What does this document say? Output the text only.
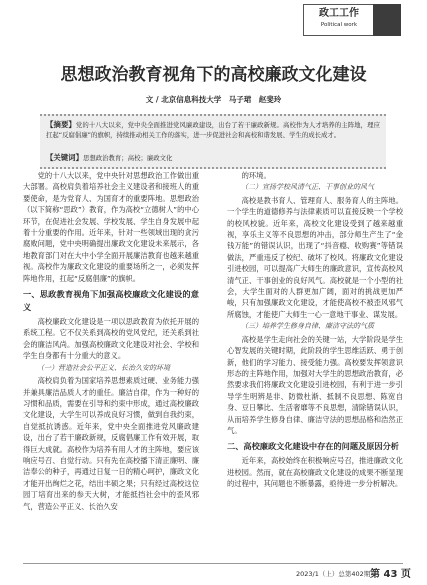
政工工作
Political work
思想政治教育视角下的高校廉政文化建设
文 / 北京信息科技大学　马子珺　赵斐玲
【摘要】党的十八大以来，党中央全面推进党风廉政建设，出台了若干廉政新规。高校作为人才培养的主阵地，理应扛起“反腐倡廉”的旗帜，持续推动相关工作的落实，进一步促进社会和高校和谐发展、学生的成长成才。
【关键词】思想政治教育；高校；廉政文化

党的十八大以来，党中央针对思想政治工作做出重大部署。高校肩负着培养社会主义建设者和接班人的重要使命，是为党育人、为国育才的重要阵地。思想政治（以下简称“思政”）教育，作为高校“立德树人”的中心环节，在促进社会发展、学校发展、学生自身发展中起着十分重要的作用。近年来，针对一些领域出现的贪污腐败问题，党中央明确提出廉政文化建设未来展示，各地教育部门对在大中小学全面开展廉洁教育也越来越重视。高校作为廉政文化建设的重要场所之一，必须发挥阵地作用，扛起“反腐倡廉”的旗帜。

一、思政教育视角下加强高校廉政文化建设的意义

高校廉政文化建设是一项以思政教育为依托开展的系统工程。它不仅关系到高校的党风党纪，还关系到社会的廉洁风尚。加强高校廉政文化建设对社会、学校和学生自身都有十分重大的意义。

（一）营造社会公平正义、长治久安的环境

高校肩负着为国家培养思想素质过硬、业务能力强并兼具廉洁品质人才的重任。廉洁自律，作为一种好的习惯和品质，需要在引导和约束中形成，通过高校廉政文化建设，大学生可以养成良好习惯，做到自我约束，自觉抵抗诱惑。近年来，党中央全面推进党风廉政建设，出台了若干廉政新规，反腐倡廉工作有效开展，取得巨大成就。高校作为培养有用人才的主阵地，要应该响应号召、自觉行动。只有先在高校播下清正廉明、廉洁奉公的种子，再通过日复一日的精心呵护，廉政文化才能开出绚烂之花，结出丰硕之果；只有经过高校这位园丁培育出来的参天大树，才能抵挡社会中的歪风邪气，营造公平正义、长治久安

的环境。

（二）宣扬学校风清气正、干事创业的风气

高校是教书育人、管理育人、服务育人的主阵地。一个学生的道德修养与法律素质可以直接反映一个学校的校风校貌。近年来，高校文化建设受到了越来越重视，享乐主义等不良思想的冲击，部分师生产生了“金钱万能”的错误认识，出现了“抖音瘾、收购赛”等错误做法，严重违反了校纪、破坏了校风。将廉政文化建设引进校园，可以提高广大师生的廉政意识，宣传高校风清气正、干事创业的良好风气。高校就是一个小型的社会，大学生面对的人群更加广阔，面对的挑战更加严峻，只有加强廉政文化建设，才能使高校不被歪风邪气所腐蚀，才能使广大师生一心一意地干事业、谋发展。

（三）培养学生修身自律、廉洁守法的气质

高校是学生走向社会的关键一站，大学阶段是学生心智发展的关键时期，此阶段的学生思维活跃、勇于创新，他们的学习能力、接受能力强。高校要发挥领意识形态的主阵地作用，加强对大学生的思想政治教育，必然要求我们将廉政文化建设引进校园，有利于进一步引导学生明辨是非、防微杜渐、抵制不良思想、陈宽自身、豆日攀比、生活奢靡等不良思想，清除错误认识，从而培养学生修身自律、廉洁守法的思想品格和浩然正气。

二、高校廉政文化建设中存在的问题及原因分析

近年来，高校始终在积极响应号召，推进廉政文化进校园。然而，就在高校廉政文化建设的成果不断显现的过程中，其问题也不断暴露，亟待进一步分析解决。

2023/1（上）总第402期 第 43 页
